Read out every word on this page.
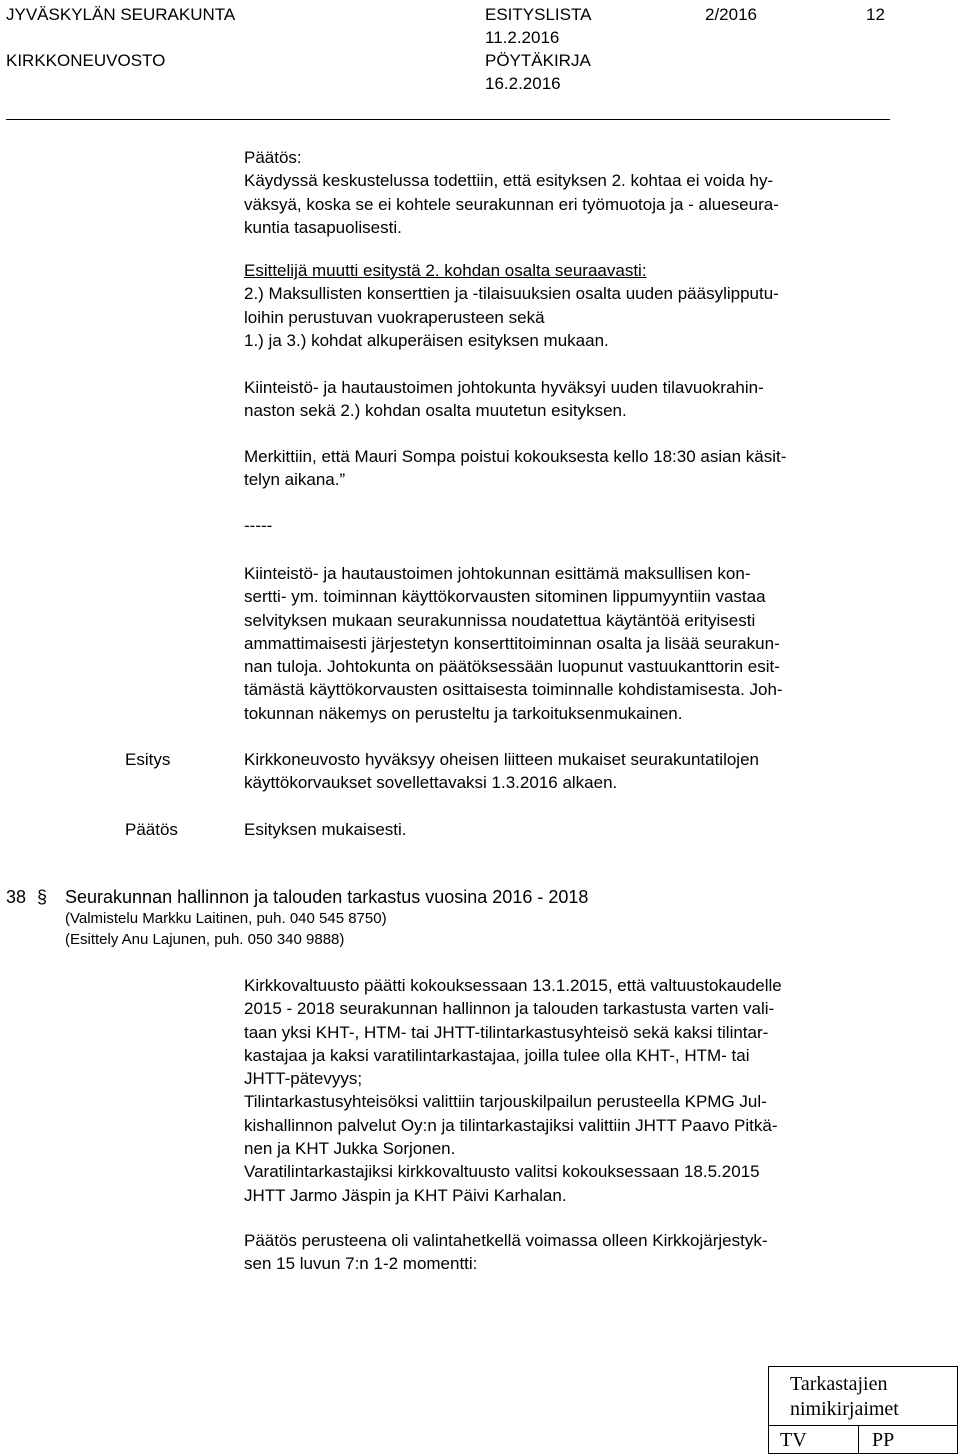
JYVÄSKYLÄN SEURAKUNTA
KIRKKONEUVOSTO
ESITYSLISTA
11.2.2016
PÖYTÄKIRJA
16.2.2016
2/2016	12
Päätös:
Käydyssä keskustelussa todettiin, että esityksen 2. kohtaa ei voida hy-
väksyä, koska se ei kohtele seurakunnan eri työmuotoja ja - alueseura-
kuntia tasapuolisesti.
Esittelijä muutti esitystä 2. kohdan osalta seuraavasti:
2.) Maksullisten konserttien ja -tilaisuuksien osalta uuden pääsylipputu-
loihin perustuvan vuokraperusteen sekä
1.) ja 3.) kohdat alkuperäisen esityksen mukaan.
Kiinteistö- ja hautaustoimen johtokunta hyväksyi uuden tilavuokrahin-
naston sekä 2.) kohdan osalta muutetun esityksen.
Merkittiin, että Mauri Sompa poistui kokouksesta kello 18:30 asian käsit-
telyn aikana.”
-----
Kiinteistö- ja hautaustoimen johtokunnan esittämä maksullisen kon-
sertti- ym. toiminnan käyttökorvausten sitominen lippumyyntiin vastaa
selvityksen mukaan seurakunnissa noudatettua käytäntöä erityisesti
ammattimaisesti järjestetyn konserttitoiminnan osalta ja lisää seurakun-
nan tuloja. Johtokunta on päätöksessään luopunut vastuukanttorin esit-
tämästä käyttökorvausten osittaisesta toiminnalle kohdistamisesta. Joh-
tokunnan näkemys on perusteltu ja tarkoituksenmukainen.
Esitys	Kirkkoneuvosto hyväksyy oheisen liitteen mukaiset seurakuntatilojen
käyttökorvaukset sovellettavaksi 1.3.2016 alkaen.
Päätös	Esityksen mukaisesti.
38 § Seurakunnan hallinnon ja talouden tarkastus vuosina 2016 - 2018
(Valmistelu Markku Laitinen, puh. 040 545 8750)
(Esittely Anu Lajunen, puh. 050 340 9888)
Kirkkovaltuusto päätti kokouksessaan 13.1.2015, että valtuustokaudelle
2015 - 2018 seurakunnan hallinnon ja talouden tarkastusta varten vali-
taan yksi KHT-, HTM- tai JHTT-tilintarkastusyhteisö sekä kaksi tilintar-
kastajaa ja kaksi varatilintarkastajaa, joilla tulee olla KHT-, HTM- tai
JHTT-pätevyys;
Tilintarkastusyhteisöksi valittiin tarjouskilpailun perusteella KPMG Jul-
kishallinnon palvelut Oy:n ja tilintarkastajiksi valittiin JHTT Paavo Pitkä-
nen ja KHT Jukka Sorjonen.
Varatilintarkastajiksi kirkkovaltuusto valitsi kokouksessaan 18.5.2015
JHTT Jarmo Jäspin ja KHT Päivi Karhalan.
Päätös perusteena oli valintahetkellä voimassa olleen Kirkkojärjestyk-
sen 15 luvun 7:n 1-2 momentti:
Tarkastajien
nimikirjaimet
TV	PP
